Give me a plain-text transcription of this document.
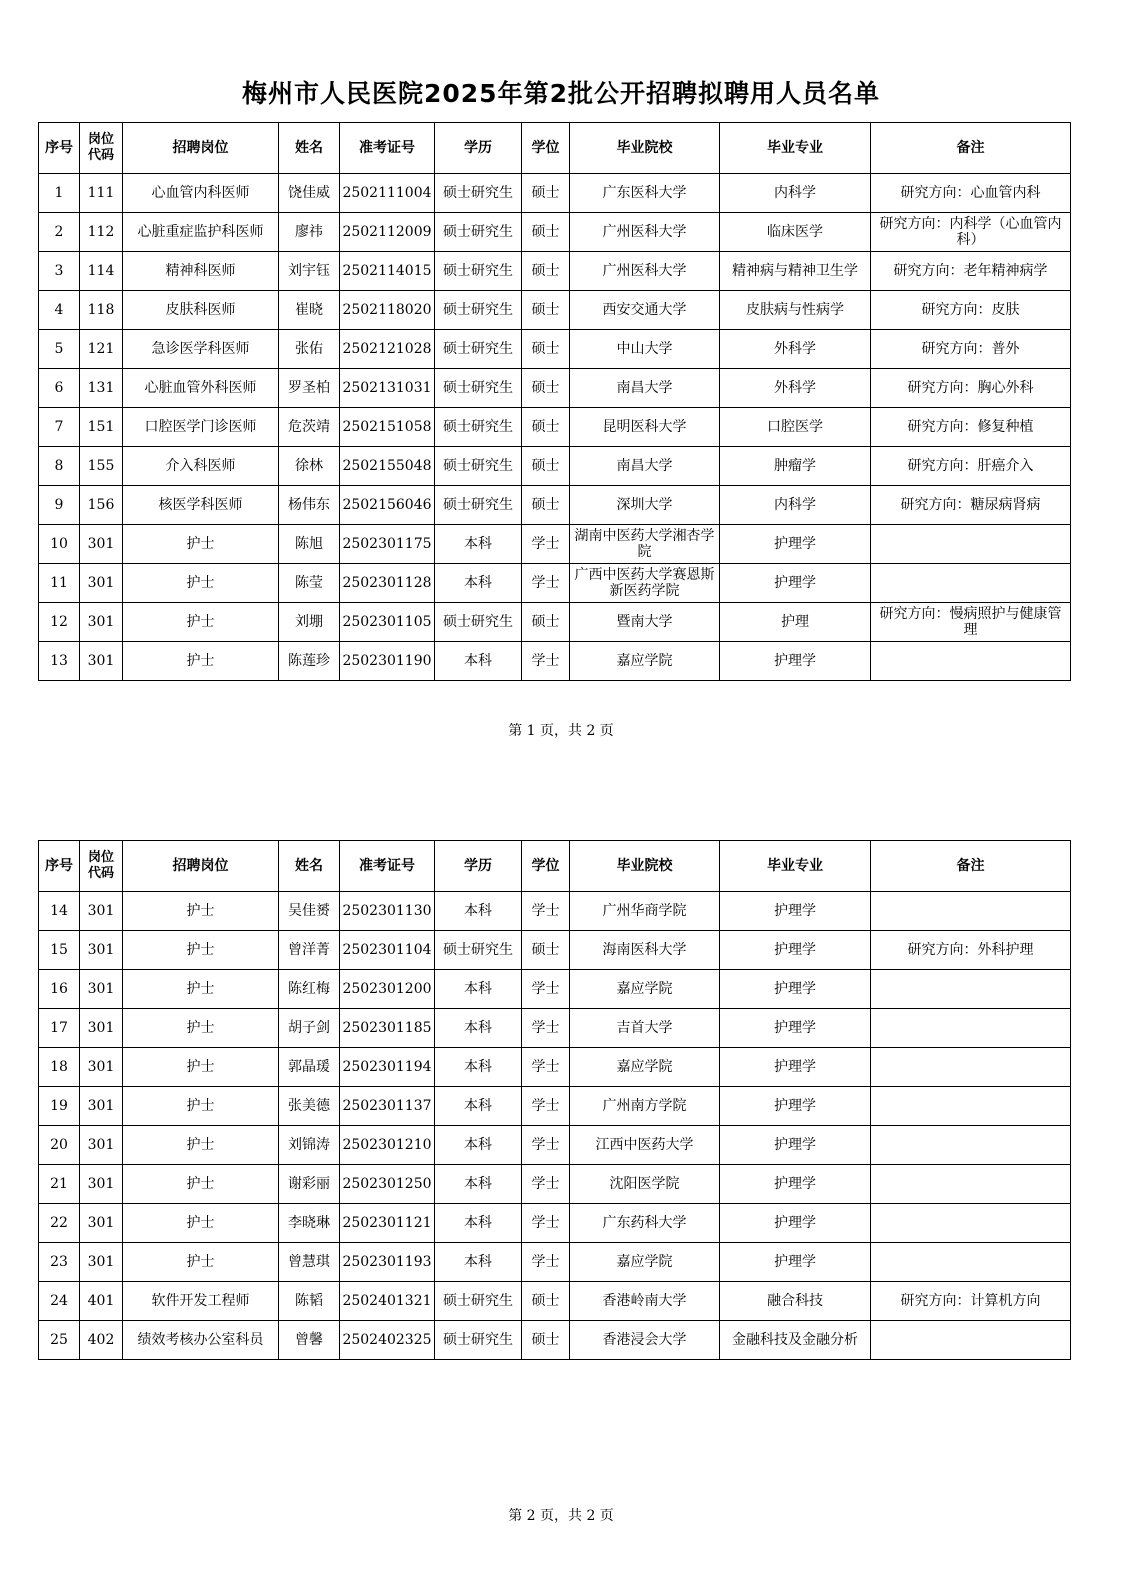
梅州市人民医院2025年第2批公开招聘拟聘用人员名单
序号	岗位代码	招聘岗位	姓名	准考证号	学历	学位	毕业院校	毕业专业	备注
1	111	心血管内科医师	饶佳威	2502111004	硕士研究生	硕士	广东医科大学	内科学	研究方向：心血管内科
2	112	心脏重症监护科医师	廖祎	2502112009	硕士研究生	硕士	广州医科大学	临床医学	研究方向：内科学（心血管内科）
3	114	精神科医师	刘宇钰	2502114015	硕士研究生	硕士	广州医科大学	精神病与精神卫生学	研究方向：老年精神病学
4	118	皮肤科医师	崔晓	2502118020	硕士研究生	硕士	西安交通大学	皮肤病与性病学	研究方向：皮肤
5	121	急诊医学科医师	张佑	2502121028	硕士研究生	硕士	中山大学	外科学	研究方向：普外
6	131	心脏血管外科医师	罗圣柏	2502131031	硕士研究生	硕士	南昌大学	外科学	研究方向：胸心外科
7	151	口腔医学门诊医师	危茨靖	2502151058	硕士研究生	硕士	昆明医科大学	口腔医学	研究方向：修复种植
8	155	介入科医师	徐林	2502155048	硕士研究生	硕士	南昌大学	肿瘤学	研究方向：肝癌介入
9	156	核医学科医师	杨伟东	2502156046	硕士研究生	硕士	深圳大学	内科学	研究方向：糖尿病肾病
10	301	护士	陈旭	2502301175	本科	学士	湖南中医药大学湘杏学院	护理学	
11	301	护士	陈莹	2502301128	本科	学士	广西中医药大学赛恩斯新医药学院	护理学	
12	301	护士	刘堋	2502301105	硕士研究生	硕士	暨南大学	护理	研究方向：慢病照护与健康管理
13	301	护士	陈莲珍	2502301190	本科	学士	嘉应学院	护理学	
第 1 页，共 2 页
序号	岗位代码	招聘岗位	姓名	准考证号	学历	学位	毕业院校	毕业专业	备注
14	301	护士	吴佳赟	2502301130	本科	学士	广州华商学院	护理学	
15	301	护士	曾洋菁	2502301104	硕士研究生	硕士	海南医科大学	护理学	研究方向：外科护理
16	301	护士	陈红梅	2502301200	本科	学士	嘉应学院	护理学	
17	301	护士	胡子剑	2502301185	本科	学士	吉首大学	护理学	
18	301	护士	郭晶瑗	2502301194	本科	学士	嘉应学院	护理学	
19	301	护士	张美德	2502301137	本科	学士	广州南方学院	护理学	
20	301	护士	刘锦涛	2502301210	本科	学士	江西中医药大学	护理学	
21	301	护士	谢彩丽	2502301250	本科	学士	沈阳医学院	护理学	
22	301	护士	李晓琳	2502301121	本科	学士	广东药科大学	护理学	
23	301	护士	曾慧琪	2502301193	本科	学士	嘉应学院	护理学	
24	401	软件开发工程师	陈韬	2502401321	硕士研究生	硕士	香港岭南大学	融合科技	研究方向：计算机方向
25	402	绩效考核办公室科员	曾馨	2502402325	硕士研究生	硕士	香港浸会大学	金融科技及金融分析	
第 2 页，共 2 页
